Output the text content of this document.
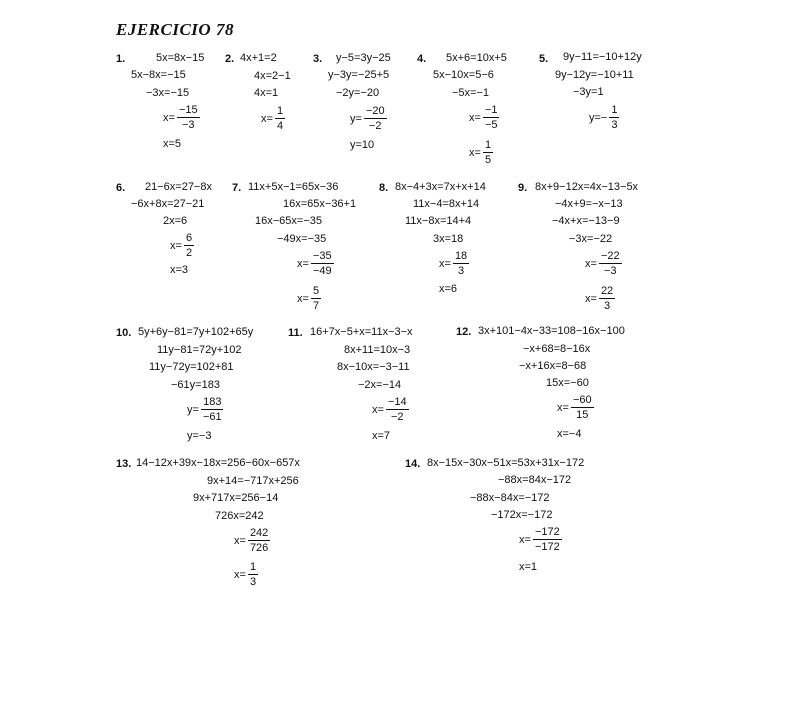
EJERCICIO 78
1.	5x=8x−15
5x−8x=−15
−3x=−15
$x= \frac{-15}{-3}$
x=5
2. 4x+1=2
4x=2−1
4x=1
$x= \frac{1}{4}$
3. y−5=3y−25
y−3y=−25+5
−2y=−20
$y= \frac{-20}{-2}$
y=10
4. 5x+6=10x+5
5x−10x=5−6
−5x=−1
$x= \frac{-1}{-5}$
$x= \frac{1}{5}$
5. 9y−11=−10+12y
9y−12y=−10+11
−3y=1
$y=- \frac{1}{3}$
6. 21−6x=27−8x
−6x+8x=27−21
2x=6
$x= \frac{6}{2}$
x=3
7. 11x+5x−1=65x−36
16x=65x−36+1
16x−65x=−35
−49x=−35
$x= \frac{-35}{-49}$
$x= \frac{5}{7}$
8. 8x−4+3x=7x+x+14
11x−4=8x+14
11x−8x=14+4
3x=18
$x= \frac{18}{3}$
x=6
9. 8x+9−12x=4x−13−5x
−4x+9=−x−13
−4x+x=−13−9
−3x=−22
$x= \frac{-22}{-3}$
$x= \frac{22}{3}$
10. 5y+6y−81=7y+102+65y
11y−81=72y+102
11y−72y=102+81
−61y=183
$y= \frac{183}{-61}$
y=−3
11. 16+7x−5+x=11x−3−x
8x+11=10x−3
8x−10x=−3−11
−2x=−14
$x= \frac{-14}{-2}$
x=7
12. 3x+101−4x−33=108−16x−100
−x+68=8−16x
−x+16x=8−68
15x=−60
$x= \frac{-60}{15}$
x=−4
13. 14−12x+39x−18x=256−60x−657x
9x+14=−717x+256
9x+717x=256−14
726x=242
$x= \frac{242}{726}$
$x= \frac{1}{3}$
14. 8x−15x−30x−51x=53x+31x−172
−88x=84x−172
−88x−84x=−172
−172x=−172
$x= \frac{-172}{-172}$
x=1
